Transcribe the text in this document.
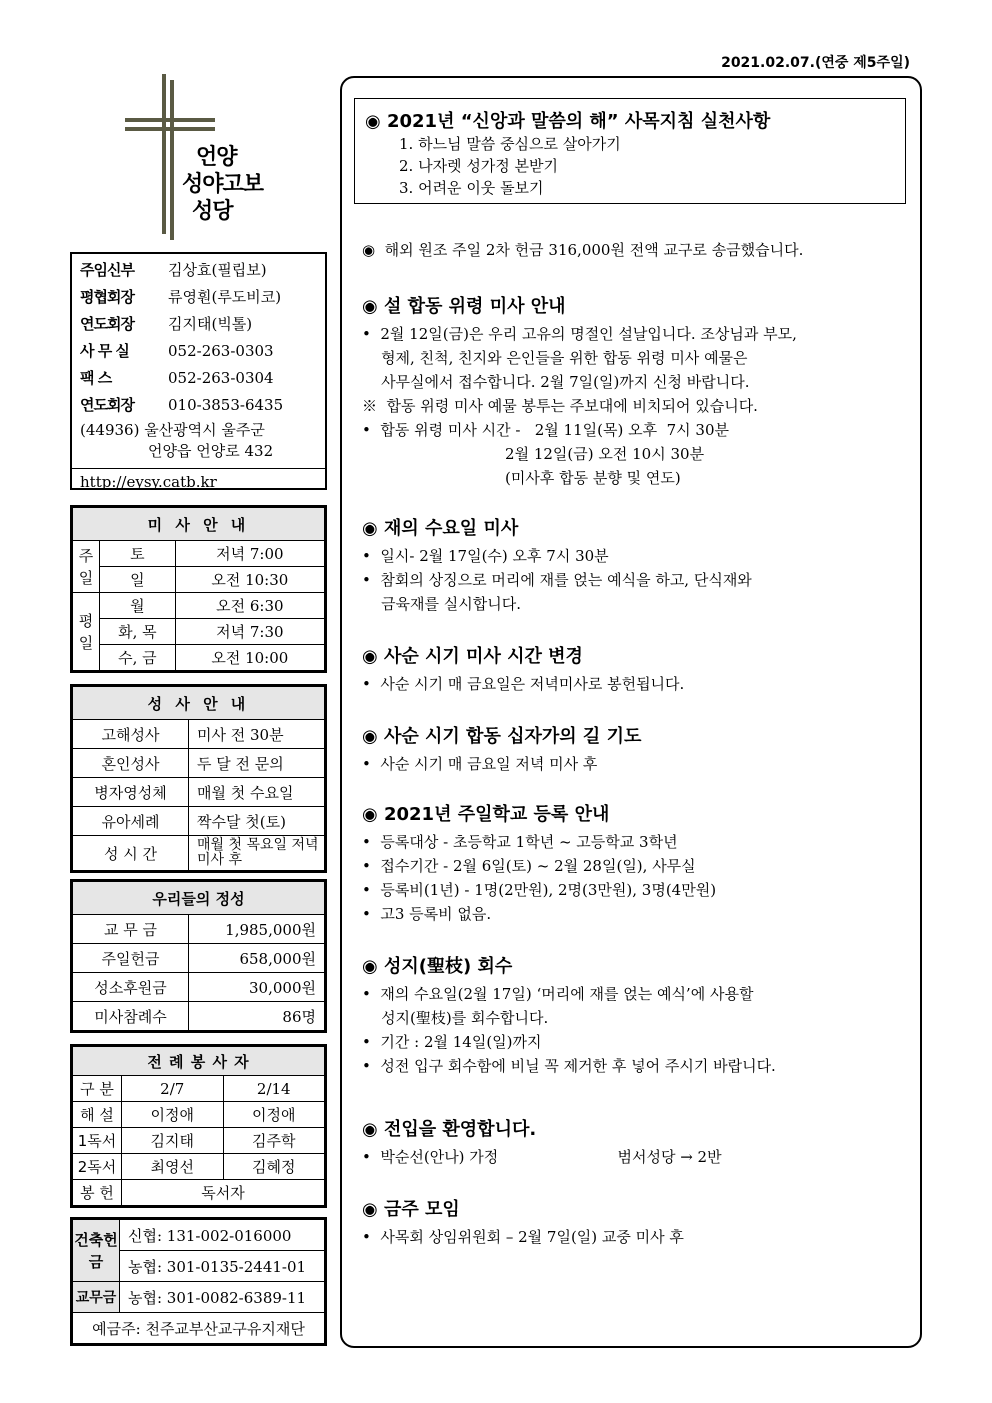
2021.02.07.(연중 제5주일)
언양
성야고보
성당
주임신부	김상효(필립보)
평협회장	류영훤(루도비코)
연도회장	김지태(빅톨)
사 무 실	052-263-0303
팩 스	052-263-0304
연도회장	010-3853-6435
(44936) 울산광역시 울주군
언양읍 언양로 432
http://eysy.catb.kr
미 사 안 내		
주일	토	저녁 7:00
	일	오전 10:30
평일	월	오전 6:30
	화, 목	저녁 7:30
	수, 금	오전 10:00
성 사 안 내	
고해성사	미사 전 30분
혼인성사	두 달 전 문의
병자영성체	매월 첫 수요일
유아세례	짝수달 첫(토)
성 시 간	매월 첫 목요일 저녁미사 후
우리들의 정성	
교 무 금	1,985,000원
주일헌금	658,000원
성소후원금	30,000원
미사참례수	86명
전 례 봉 사 자		
구 분	2/7	2/14
해 설	이정애	이정애
1독서	김지태	김주학
2독서	최영선	김혜정
봉 헌	독서자	
건축헌금	신협: 131-002-016000
	농협: 301-0135-2441-01
교무금	농협: 301-0082-6389-11
예금주: 천주교부산교구유지재단	
◉ 2021년 “신앙과 말씀의 해” 사목지침 실천사항
1. 하느님 말씀 중심으로 살아가기
2. 나자렛 성가정 본받기
3. 어려운 이웃 돌보기
◉  해외 원조 주일 2차 헌금 316,000원 전액 교구로 송금했습니다.
◉ 설 합동 위령 미사 안내
•  2월 12일(금)은 우리 고유의 명절인 설날입니다. 조상님과 부모,
형제, 친척, 친지와 은인들을 위한 합동 위령 미사 예물은
사무실에서 접수합니다. 2월 7일(일)까지 신청 바랍니다.
※  합동 위령 미사 예물 봉투는 주보대에 비치되어 있습니다.
•  합동 위령 미사 시간 -   2월 11일(목) 오후  7시 30분
2월 12일(금) 오전 10시 30분
(미사후 합동 분향 및 연도)
◉ 재의 수요일 미사
•  일시- 2월 17일(수) 오후 7시 30분
•  참회의 상징으로 머리에 재를 얹는 예식을 하고, 단식재와
금육재를 실시합니다.
◉ 사순 시기 미사 시간 변경
•  사순 시기 매 금요일은 저녁미사로 봉헌됩니다.
◉ 사순 시기 합동 십자가의 길 기도
•  사순 시기 매 금요일 저녁 미사 후
◉ 2021년 주일학교 등록 안내
•  등록대상 - 초등학교 1학년 ~ 고등학교 3학년
•  접수기간 - 2월 6일(토) ~ 2월 28일(일), 사무실
•  등록비(1년) - 1명(2만원), 2명(3만원), 3명(4만원)
•  고3 등록비 없음.
◉ 성지(聖枝) 회수
•  재의 수요일(2월 17일) ‘머리에 재를 얹는 예식’에 사용할
성지(聖枝)를 회수합니다.
•  기간 : 2월 14일(일)까지
•  성전 입구 회수함에 비닐 꼭 제거한 후 넣어 주시기 바랍니다.
◉ 전입을 환영합니다.
•  박순선(안나) 가정                         범서성당 → 2반
◉ 금주 모임
•  사목회 상임위원회 – 2월 7일(일) 교중 미사 후
